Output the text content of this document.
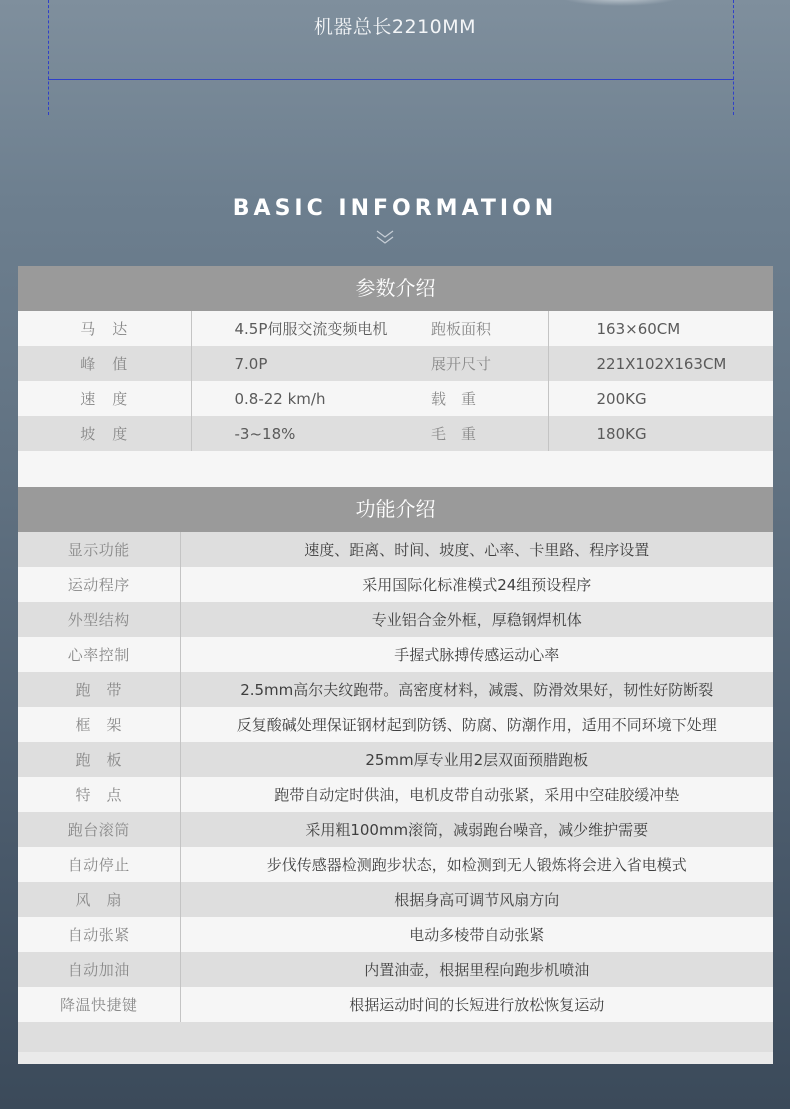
机器总长2210MM
BASIC INFORMATION
参数介绍
马　达	4.5P伺服交流变频电机	跑板面积	163×60CM
峰　值	7.0P	展开尺寸	221X102X163CM
速　度	0.8-22 km/h	载　重	200KG
坡　度	-3~18%	毛　重	180KG
功能介绍
显示功能	速度、距离、时间、坡度、心率、卡里路、程序设置
运动程序	采用国际化标准模式24组预设程序
外型结构	专业铝合金外框，厚稳钢焊机体
心率控制	手握式脉搏传感运动心率
跑　带	2.5mm高尔夫纹跑带。高密度材料，减震、防滑效果好，韧性好防断裂
框　架	反复酸碱处理保证钢材起到防锈、防腐、防潮作用，适用不同环境下处理
跑　板	25mm厚专业用2层双面预腊跑板
特　点	跑带自动定时供油，电机皮带自动张紧，采用中空硅胶缓冲垫
跑台滚筒	采用粗100mm滚筒，减弱跑台噪音，减少维护需要
自动停止	步伐传感器检测跑步状态，如检测到无人锻炼将会进入省电模式
风　扇	根据身高可调节风扇方向
自动张紧	电动多棱带自动张紧
自动加油	内置油壶，根据里程向跑步机喷油
降温快捷键	根据运动时间的长短进行放松恢复运动
